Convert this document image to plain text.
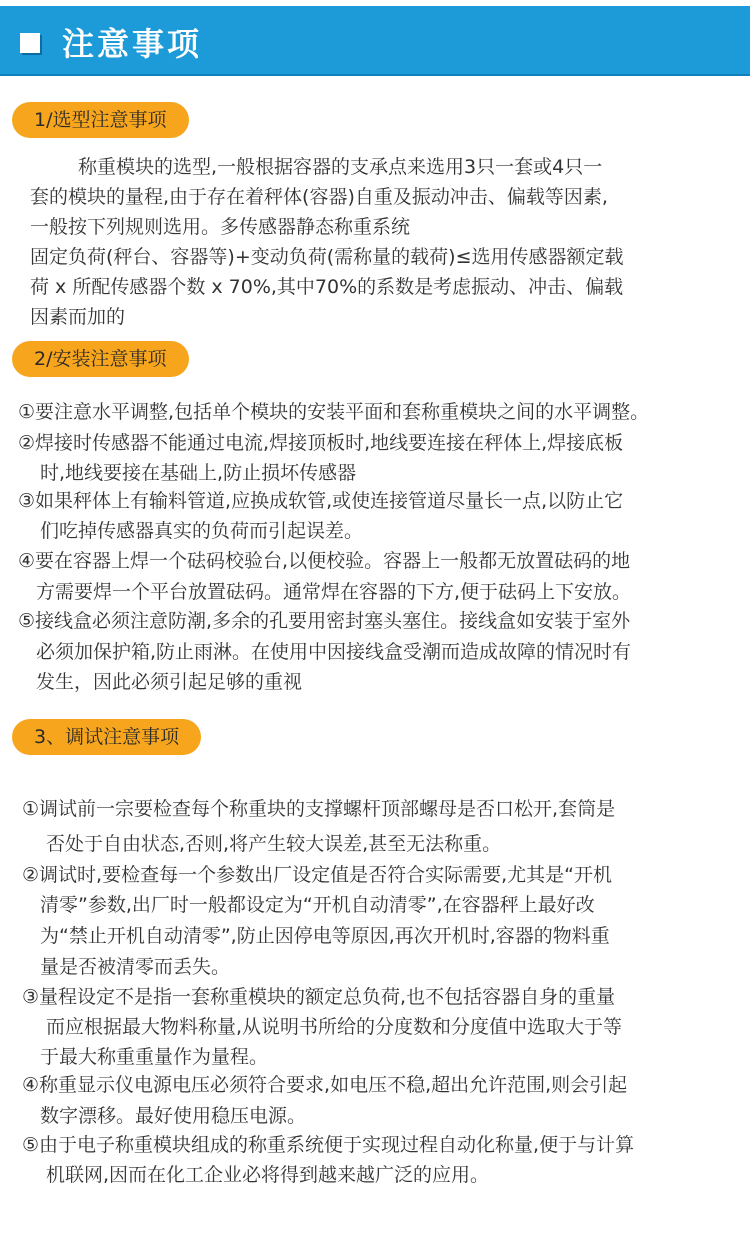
注意事项
1/选型注意事项
称重模块的选型,一般根据容器的支承点来选用3只一套或4只一
套的模块的量程,由于存在着秤体(容器)自重及振动冲击、偏载等因素,
一般按下列规则选用。多传感器静态称重系统
固定负荷(秤台、容器等)+变动负荷(需称量的载荷)≤选用传感器额定载
荷 x 所配传感器个数 x 70%,其中70%的系数是考虑振动、冲击、偏载
因素而加的
2/安装注意事项
①要注意水平调整,包括单个模块的安装平面和套称重模块之间的水平调整。
②焊接时传感器不能通过电流,焊接顶板时,地线要连接在秤体上,焊接底板
时,地线要接在基础上,防止损坏传感器
③如果秤体上有输料管道,应换成软管,或使连接管道尽量长一点,以防止它
们吃掉传感器真实的负荷而引起误差。
④要在容器上焊一个砝码校验台,以便校验。容器上一般都无放置砝码的地
方需要焊一个平台放置砝码。通常焊在容器的下方,便于砝码上下安放。
⑤接线盒必须注意防潮,多余的孔要用密封塞头塞住。接线盒如安装于室外
必须加保护箱,防止雨淋。在使用中因接线盒受潮而造成故障的情况时有
发生，因此必须引起足够的重视
3、调试注意事项
①调试前一宗要检查每个称重块的支撑螺杆顶部螺母是否口松开,套筒是
否处于自由状态,否则,将产生较大误差,甚至无法称重。
②调试时,要检查每一个参数出厂设定值是否符合实际需要,尤其是“开机
清零”参数,出厂时一般都设定为“开机自动清零”,在容器秤上最好改
为“禁止开机自动清零”,防止因停电等原因,再次开机时,容器的物料重
量是否被清零而丢失。
③量程设定不是指一套称重模块的额定总负荷,也不包括容器自身的重量
而应根据最大物料称量,从说明书所给的分度数和分度值中选取大于等
于最大称重重量作为量程。
④称重显示仪电源电压必须符合要求,如电压不稳,超出允许范围,则会引起
数字漂移。最好使用稳压电源。
⑤由于电子称重模块组成的称重系统便于实现过程自动化称量,便于与计算
机联网,因而在化工企业必将得到越来越广泛的应用。
